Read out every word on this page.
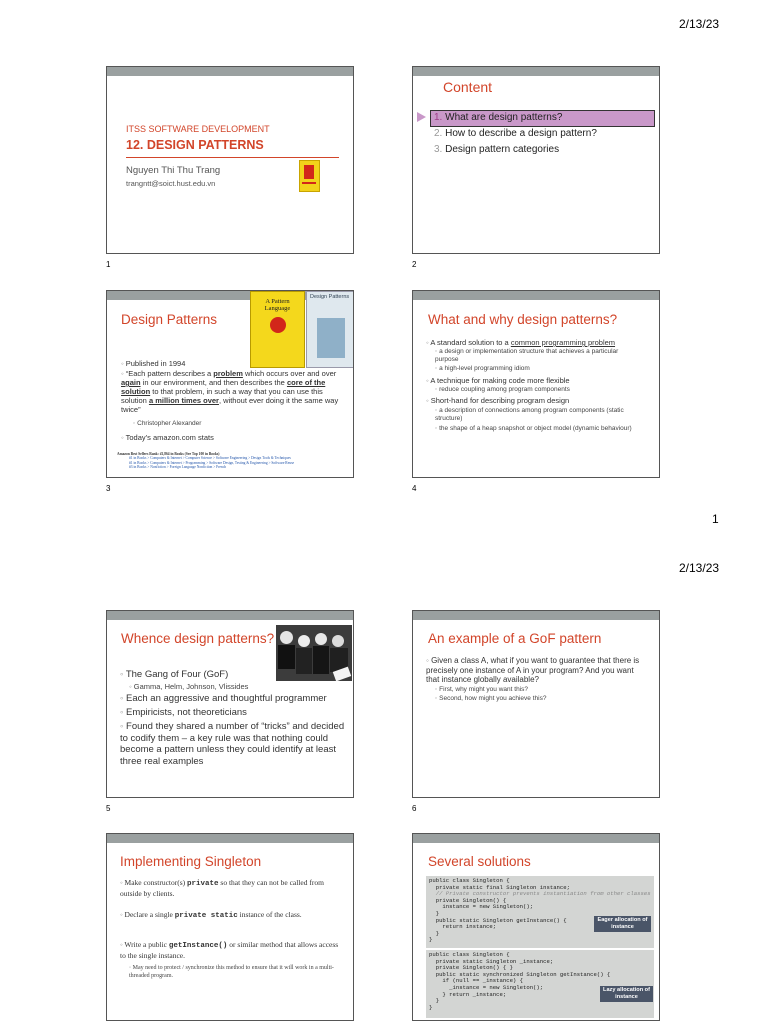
2/13/23
ITSS SOFTWARE DEVELOPMENT
12. DESIGN PATTERNS
Nguyen Thi Thu Trang
trangntt@soict.hust.edu.vn
1
Content
1. What are design patterns?
2. How to describe a design pattern?
3. Design pattern categories
2
Design Patterns
A Pattern Language
Design Patterns
◦ Published in 1994
◦ “Each pattern describes a problem which occurs over and over again in our environment, and then describes the core of the solution to that problem, in such a way that you can use this solution a million times over, without ever doing it the same way twice”
◦ Christopher Alexander
◦ Today’s amazon.com stats
Amazon Best Sellers Rank: #2,864 in Books (See Top 100 in Books)
#1 in Books > Computers & Internet > Computer Science > Software Engineering > Design Tools & Techniques
#1 in Books > Computers & Internet > Programming > Software Design, Testing & Engineering > Software Reuse
#3 in Books > Nonfiction > Foreign Language Nonfiction > French
3
What and why design patterns?
◦ A standard solution to a common programming problem
◦ a design or implementation structure that achieves a particular purpose
◦ a high-level programming idiom
◦ A technique for making code more flexible
◦ reduce coupling among program components
◦ Short-hand for describing program design
◦ a description of connections among program components (static structure)
◦ the shape of a heap snapshot or object model (dynamic behaviour)
4
1
2/13/23
Whence design patterns?
◦ The Gang of Four (GoF)
◦ Gamma, Helm, Johnson, Vlissides
◦ Each an aggressive and thoughtful programmer
◦ Empiricists, not theoreticians
◦ Found they shared a number of “tricks” and decided to codify them – a key rule was that nothing could become a pattern unless they could identify at least three real examples
5
An example of a GoF pattern
◦ Given a class A, what if you want to guarantee that there is precisely one instance of A in your program? And you want that instance globally available?
◦ First, why might you want this?
◦ Second, how might you achieve this?
6
Implementing Singleton
◦ Make constructor(s) private so that they can not be called from outside by clients.
◦ Declare a single private static instance of the class.
◦ Write a public getInstance() or similar method that allows access to the single instance.
◦ May need to protect / synchronize this method to ensure that it will work in a multi-threaded program.
Several solutions
public class Singleton {
private static final Singleton instance;
// Private constructor prevents instantiation from other classes
private Singleton() {
instance = new Singleton();
}
public static Singleton getInstance() {
return instance;
}
}
Eager allocation of instance
public class Singleton {
private static Singleton _instance;
private Singleton() { }
public static synchronized Singleton getInstance() {
if (null == _instance) {
_instance = new Singleton();
} return _instance;
}
}
Lazy allocation of instance
